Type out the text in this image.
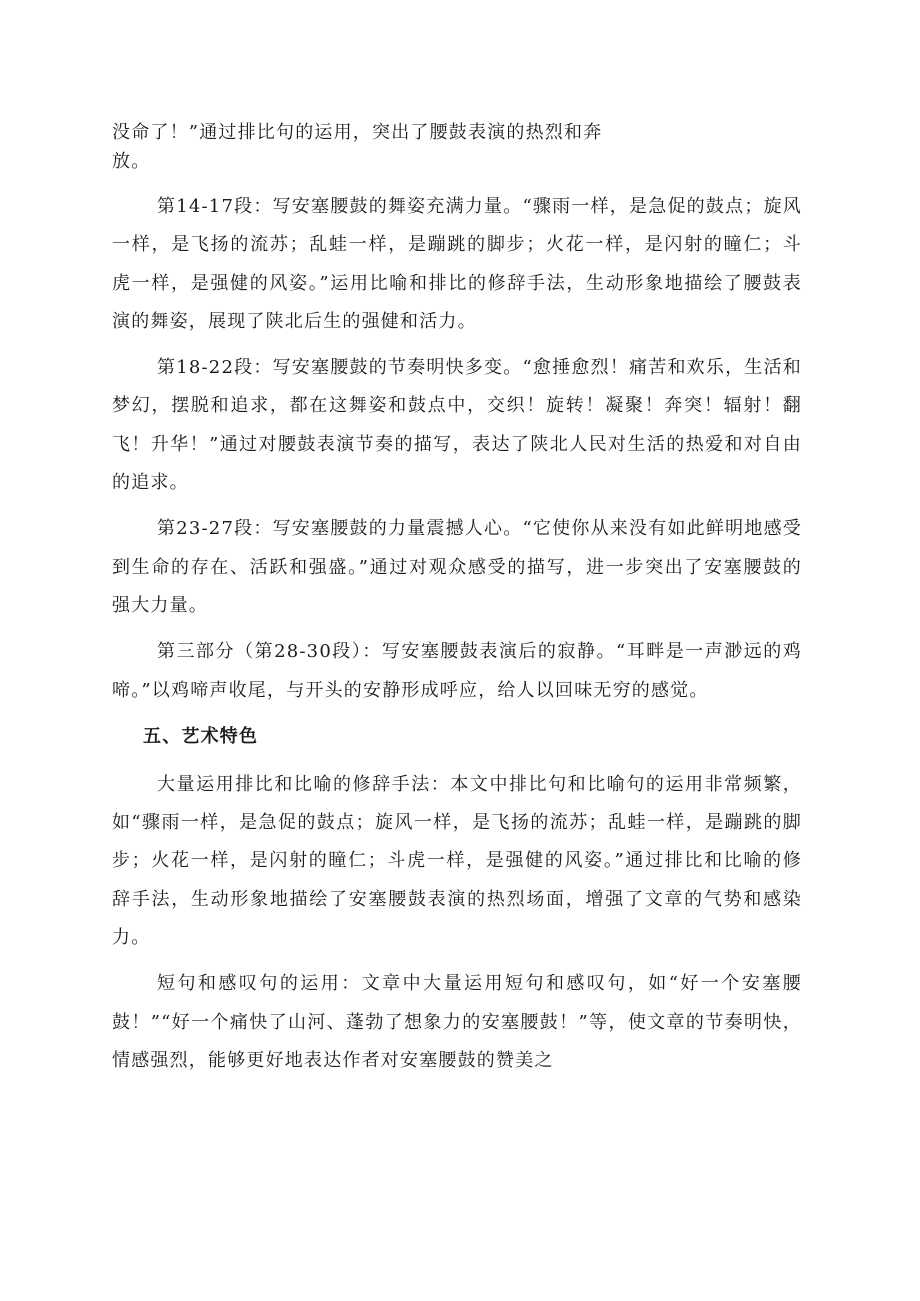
没命了！”通过排比句的运用，突出了腰鼓表演的热烈和奔
放。

第14-17段：写安塞腰鼓的舞姿充满力量。“骤雨一样，是急促的鼓点；旋风一样，是飞扬的流苏；乱蛙一样，是蹦跳的脚步；火花一样，是闪射的瞳仁；斗虎一样，是强健的风姿。”运用比喻和排比的修辞手法，生动形象地描绘了腰鼓表演的舞姿，展现了陕北后生的强健和活力。

第18-22段：写安塞腰鼓的节奏明快多变。“愈捶愈烈！痛苦和欢乐，生活和梦幻，摆脱和追求，都在这舞姿和鼓点中，交织！旋转！凝聚！奔突！辐射！翻飞！升华！”通过对腰鼓表演节奏的描写，表达了陕北人民对生活的热爱和对自由的追求。

第23-27段：写安塞腰鼓的力量震撼人心。“它使你从来没有如此鲜明地感受到生命的存在、活跃和强盛。”通过对观众感受的描写，进一步突出了安塞腰鼓的强大力量。

第三部分（第28-30段）：写安塞腰鼓表演后的寂静。“耳畔是一声渺远的鸡啼。”以鸡啼声收尾，与开头的安静形成呼应，给人以回味无穷的感觉。

五、艺术特色

大量运用排比和比喻的修辞手法：本文中排比句和比喻句的运用非常频繁，如“骤雨一样，是急促的鼓点；旋风一样，是飞扬的流苏；乱蛙一样，是蹦跳的脚步；火花一样，是闪射的瞳仁；斗虎一样，是强健的风姿。”通过排比和比喻的修辞手法，生动形象地描绘了安塞腰鼓表演的热烈场面，增强了文章的气势和感染力。

短句和感叹句的运用：文章中大量运用短句和感叹句，如“好一个安塞腰鼓！”“好一个痛快了山河、蓬勃了想象力的安塞腰鼓！”等，使文章的节奏明快，情感强烈，能够更好地表达作者对安塞腰鼓的赞美之
